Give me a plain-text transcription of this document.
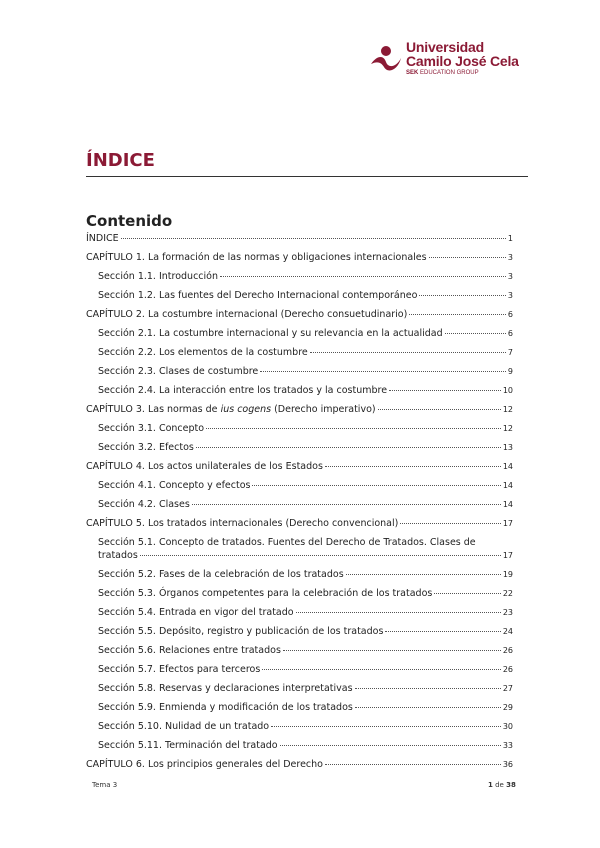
Universidad
Camilo José Cela
SEK EDUCATION GROUP
ÍNDICE
Contenido
ÍNDICE	1
CAPÍTULO 1. La formación de las normas y obligaciones internacionales	3
Sección 1.1. Introducción	3
Sección 1.2. Las fuentes del Derecho Internacional contemporáneo	3
CAPÍTULO 2. La costumbre internacional (Derecho consuetudinario)	6
Sección 2.1. La costumbre internacional y su relevancia en la actualidad	6
Sección 2.2. Los elementos de la costumbre	7
Sección 2.3. Clases de costumbre	9
Sección 2.4. La interacción entre los tratados y la costumbre	10
CAPÍTULO 3. Las normas de ius cogens (Derecho imperativo)	12
Sección 3.1. Concepto	12
Sección 3.2. Efectos	13
CAPÍTULO 4. Los actos unilaterales de los Estados	14
Sección 4.1. Concepto y efectos	14
Sección 4.2. Clases	14
CAPÍTULO 5. Los tratados internacionales (Derecho convencional)	17
Sección 5.1. Concepto de tratados. Fuentes del Derecho de Tratados. Clases de
tratados	17
Sección 5.2. Fases de la celebración de los tratados	19
Sección 5.3. Órganos competentes para la celebración de los tratados	22
Sección 5.4. Entrada en vigor del tratado	23
Sección 5.5. Depósito, registro y publicación de los tratados	24
Sección 5.6. Relaciones entre tratados	26
Sección 5.7. Efectos para terceros	26
Sección 5.8. Reservas y declaraciones interpretativas	27
Sección 5.9. Enmienda y modificación de los tratados	29
Sección 5.10. Nulidad de un tratado	30
Sección 5.11. Terminación del tratado	33
CAPÍTULO 6. Los principios generales del Derecho	36
Tema 3	1 de 38
